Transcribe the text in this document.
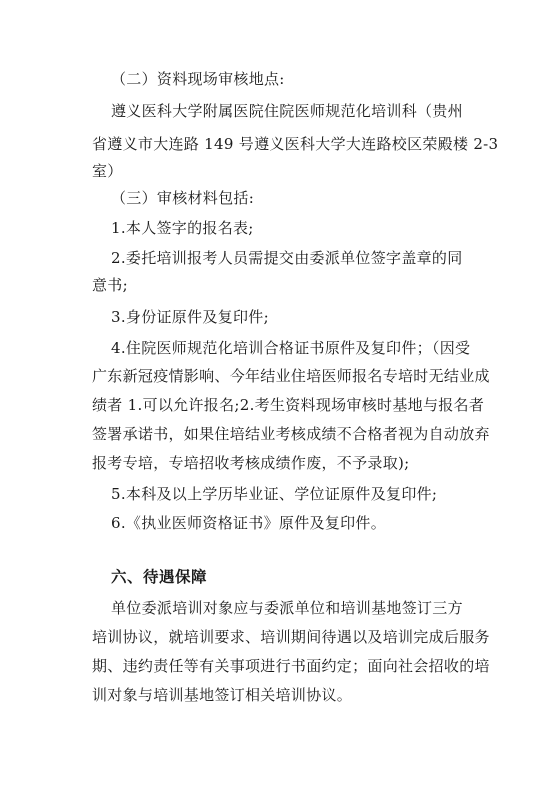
（二）资料现场审核地点:
遵义医科大学附属医院住院医师规范化培训科（贵州
省遵义市大连路 149 号遵义医科大学大连路校区荣殿楼 2-3
室）
（三）审核材料包括:
1.本人签字的报名表;
2.委托培训报考人员需提交由委派单位签字盖章的同
意书;
3.身份证原件及复印件;
4.住院医师规范化培训合格证书原件及复印件；（因受
广东新冠疫情影响、今年结业住培医师报名专培时无结业成
绩者 1.可以允许报名;2.考生资料现场审核时基地与报名者
签署承诺书，如果住培结业考核成绩不合格者视为自动放弃
报考专培，专培招收考核成绩作废，不予录取);
5.本科及以上学历毕业证、学位证原件及复印件;
6.《执业医师资格证书》原件及复印件。
六、待遇保障
单位委派培训对象应与委派单位和培训基地签订三方
培训协议，就培训要求、培训期间待遇以及培训完成后服务
期、违约责任等有关事项进行书面约定；面向社会招收的培
训对象与培训基地签订相关培训协议。
